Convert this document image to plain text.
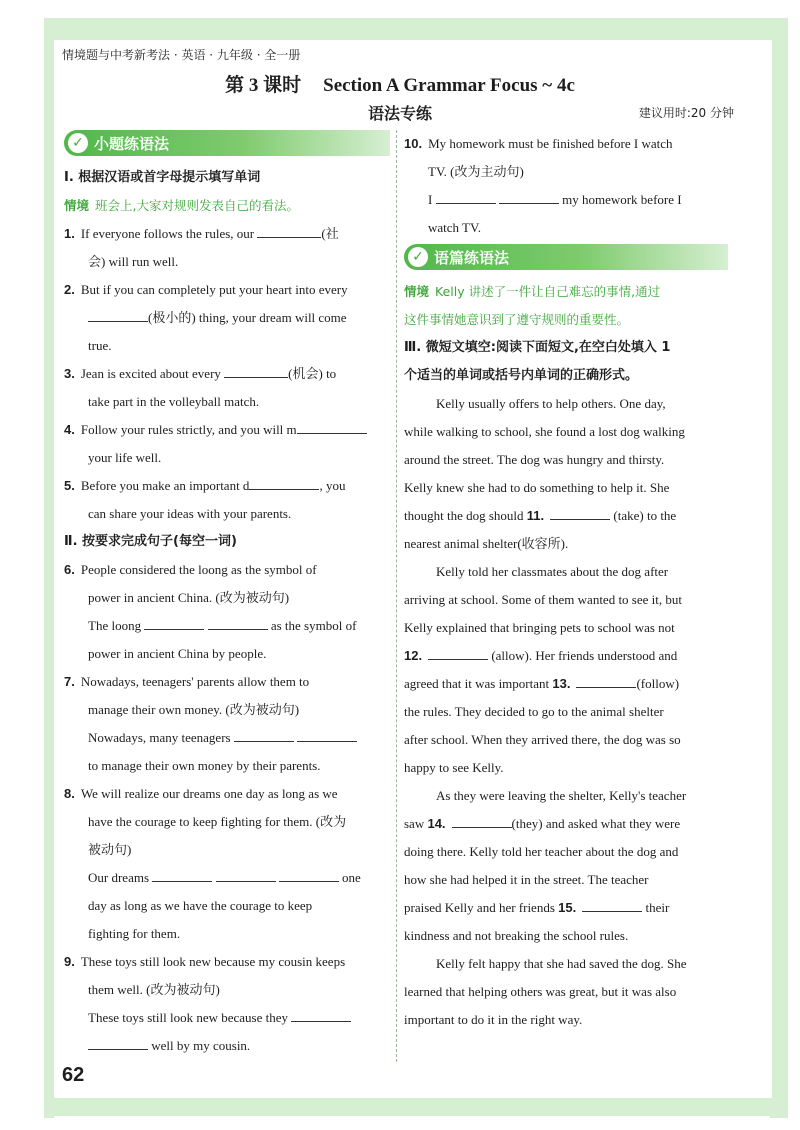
情境题与中考新考法 · 英语 · 九年级 · 全一册
第 3 课时 Section A Grammar Focus ~ 4c
语法专练	建议用时:20 分钟
✓ 小题练语法
Ⅰ. 根据汉语或首字母提示填写单词
情境 班会上,大家对规则发表自己的看法。
1. If everyone follows the rules, our	(社
会) will run well.
2. But if you can completely put your heart into every
(极小的) thing, your dream will come
true.
3. Jean is excited about every	(机会) to
take part in the volleyball match.
4. Follow your rules strictly, and you will m
your life well.
5. Before you make an important d	, you
can share your ideas with your parents.
Ⅱ. 按要求完成句子(每空一词)
6. People considered the loong as the symbol of
power in ancient China. (改为被动句)
The loong	as the symbol of
power in ancient China by people.
7. Nowadays, teenagers' parents allow them to
manage their own money. (改为被动句)
Nowadays, many teenagers
to manage their own money by their parents.
8. We will realize our dreams one day as long as we
have the courage to keep fighting for them. (改为
被动句)
Our dreams	one
day as long as we have the courage to keep
fighting for them.
9. These toys still look new because my cousin keeps
them well. (改为被动句)
These toys still look new because they
well by my cousin.
10. My homework must be finished before I watch
TV. (改为主动句)
I	my homework before I
watch TV.
✓ 语篇练语法
情境 Kelly 讲述了一件让自己难忘的事情,通过
这件事情她意识到了遵守规则的重要性。
Ⅲ. 微短文填空:阅读下面短文,在空白处填入 1
个适当的单词或括号内单词的正确形式。
Kelly usually offers to help others. One day,
while walking to school, she found a lost dog walking
around the street. The dog was hungry and thirsty.
Kelly knew she had to do something to help it. She
thought the dog should 11.	(take) to the
nearest animal shelter(收容所).
Kelly told her classmates about the dog after
arriving at school. Some of them wanted to see it, but
Kelly explained that bringing pets to school was not
12.	(allow). Her friends understood and
agreed that it was important 13.	(follow)
the rules. They decided to go to the animal shelter
after school. When they arrived there, the dog was so
happy to see Kelly.
As they were leaving the shelter, Kelly's teacher
saw 14.	(they) and asked what they were
doing there. Kelly told her teacher about the dog and
how she had helped it in the street. The teacher
praised Kelly and her friends 15.	their
kindness and not breaking the school rules.
Kelly felt happy that she had saved the dog. She
learned that helping others was great, but it was also
important to do it in the right way.
62
